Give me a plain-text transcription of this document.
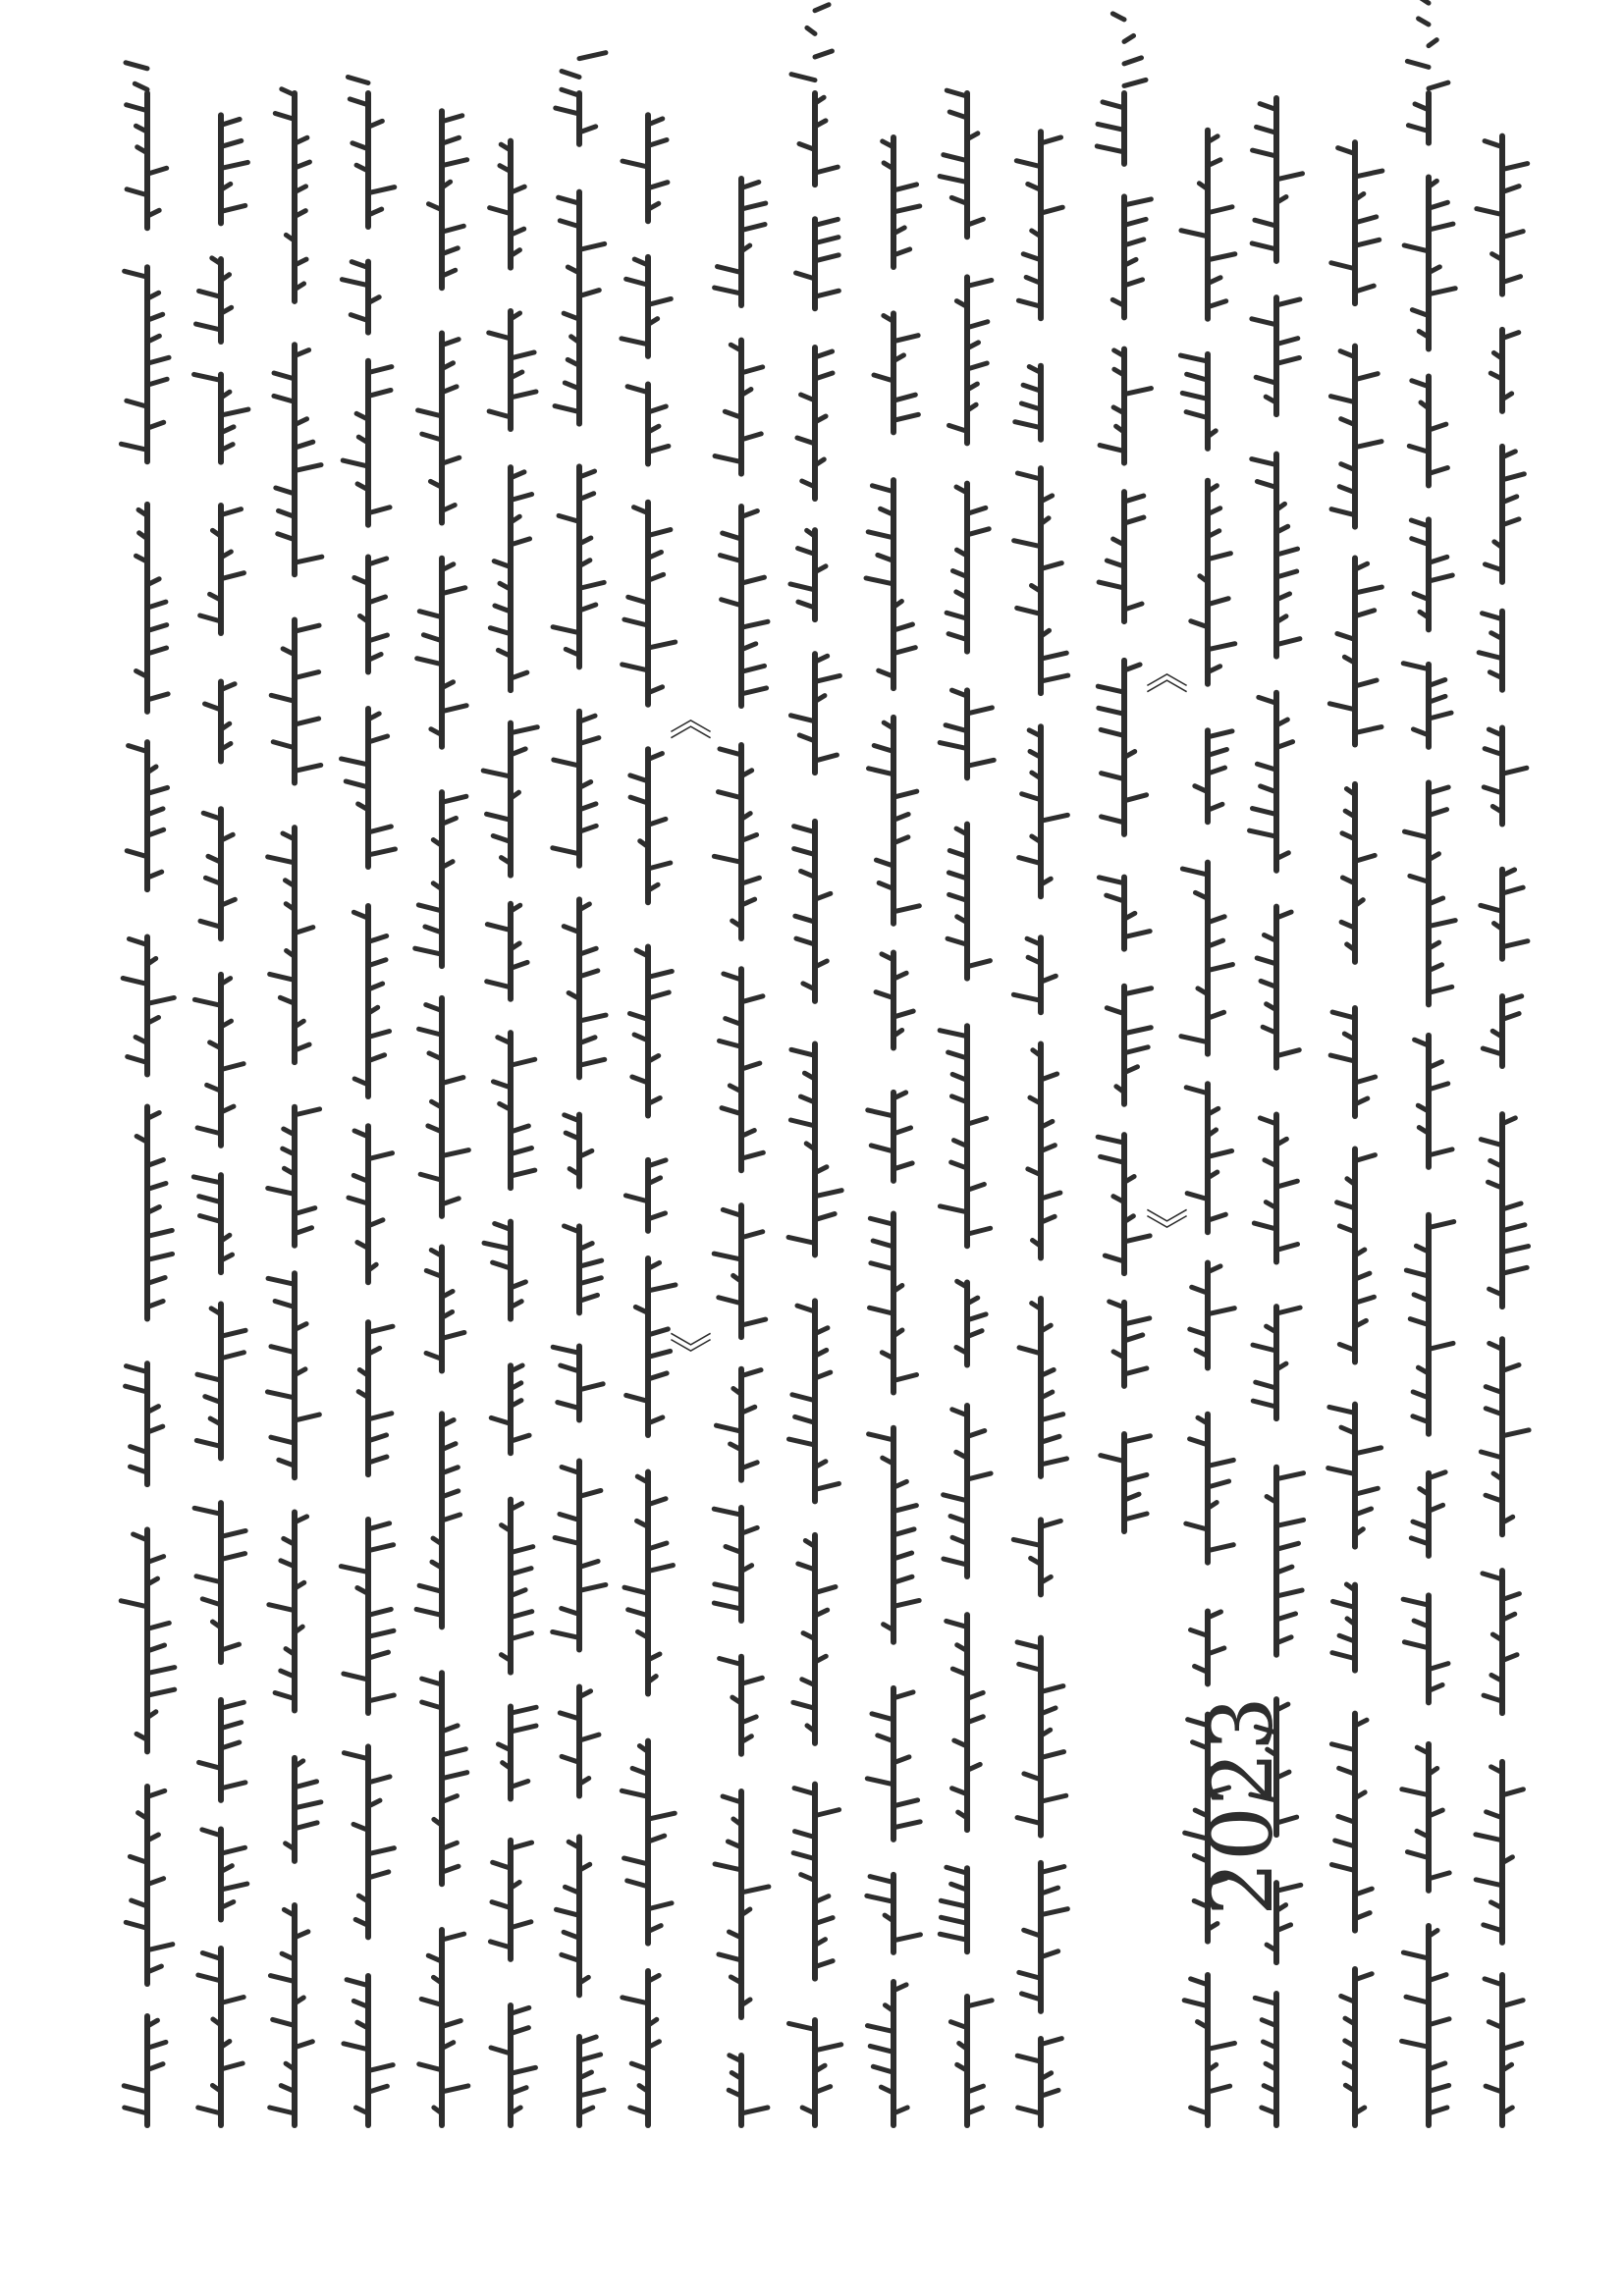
2023
《
》
《
》
